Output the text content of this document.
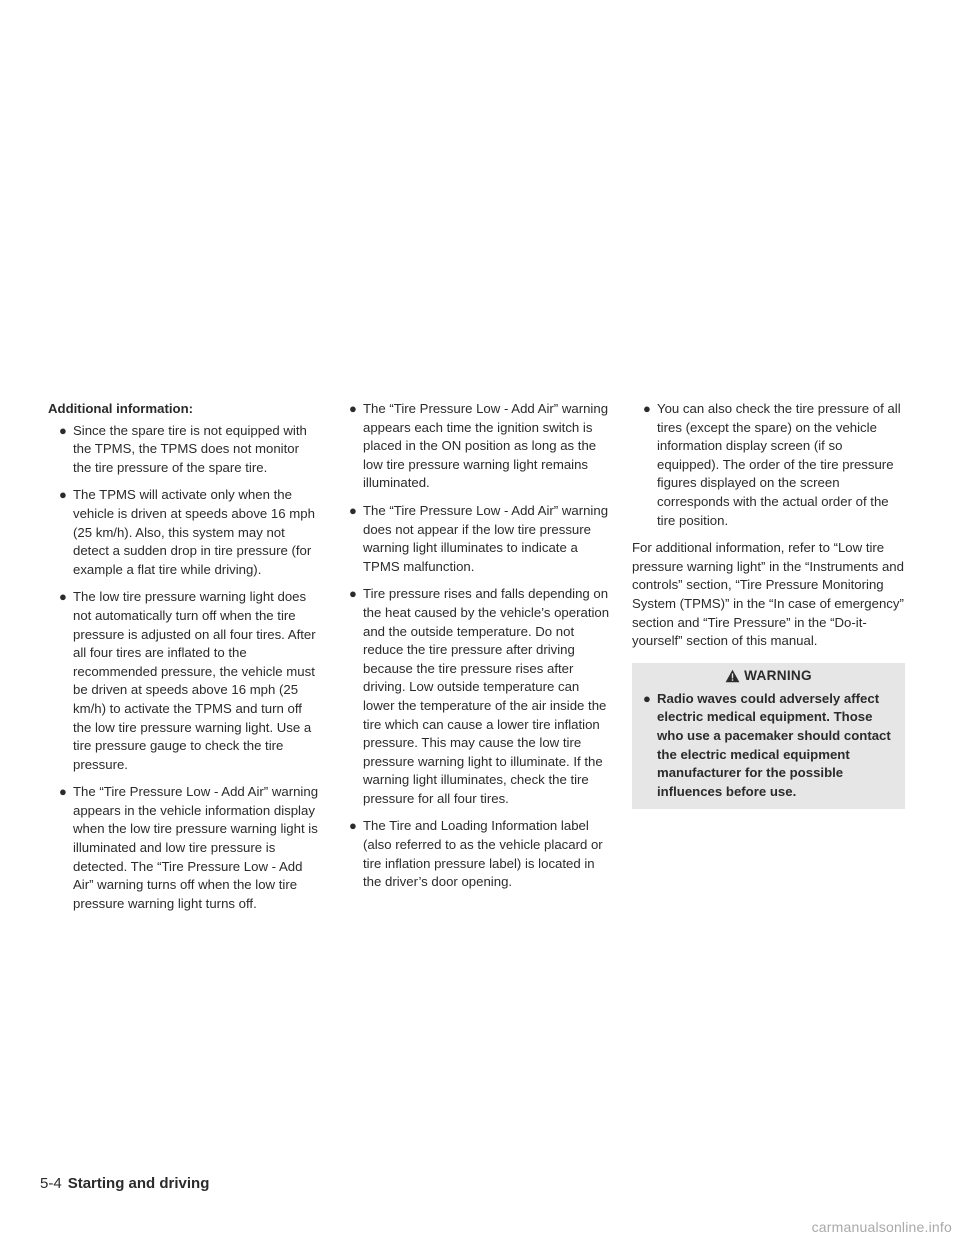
Additional information:
● Since the spare tire is not equipped with the TPMS, the TPMS does not monitor the tire pressure of the spare tire.
● The TPMS will activate only when the vehicle is driven at speeds above 16 mph (25 km/h). Also, this system may not detect a sudden drop in tire pressure (for example a flat tire while driving).
● The low tire pressure warning light does not automatically turn off when the tire pressure is adjusted on all four tires. After all four tires are inflated to the recommended pressure, the vehicle must be driven at speeds above 16 mph (25 km/h) to activate the TPMS and turn off the low tire pressure warning light. Use a tire pressure gauge to check the tire pressure.
● The “Tire Pressure Low - Add Air” warning appears in the vehicle information display when the low tire pressure warning light is illuminated and low tire pressure is detected. The “Tire Pressure Low - Add Air” warning turns off when the low tire pressure warning light turns off.
● The “Tire Pressure Low - Add Air” warning appears each time the ignition switch is placed in the ON position as long as the low tire pressure warning light remains illuminated.
● The “Tire Pressure Low - Add Air” warning does not appear if the low tire pressure warning light illuminates to indicate a TPMS malfunction.
● Tire pressure rises and falls depending on the heat caused by the vehicle’s operation and the outside temperature. Do not reduce the tire pressure after driving because the tire pressure rises after driving. Low outside temperature can lower the temperature of the air inside the tire which can cause a lower tire inflation pressure. This may cause the low tire pressure warning light to illuminate. If the warning light illuminates, check the tire pressure for all four tires.
● The Tire and Loading Information label (also referred to as the vehicle placard or tire inflation pressure label) is located in the driver’s door opening.
● You can also check the tire pressure of all tires (except the spare) on the vehicle information display screen (if so equipped). The order of the tire pressure figures displayed on the screen corresponds with the actual order of the tire position.

For additional information, refer to “Low tire pressure warning light” in the “Instruments and controls” section, “Tire Pressure Monitoring System (TPMS)” in the “In case of emergency” section and “Tire Pressure” in the “Do-it-yourself” section of this manual.

WARNING
● Radio waves could adversely affect electric medical equipment. Those who use a pacemaker should contact the electric medical equipment manufacturer for the possible influences before use.
5-4 Starting and driving
carmanualsonline.info
